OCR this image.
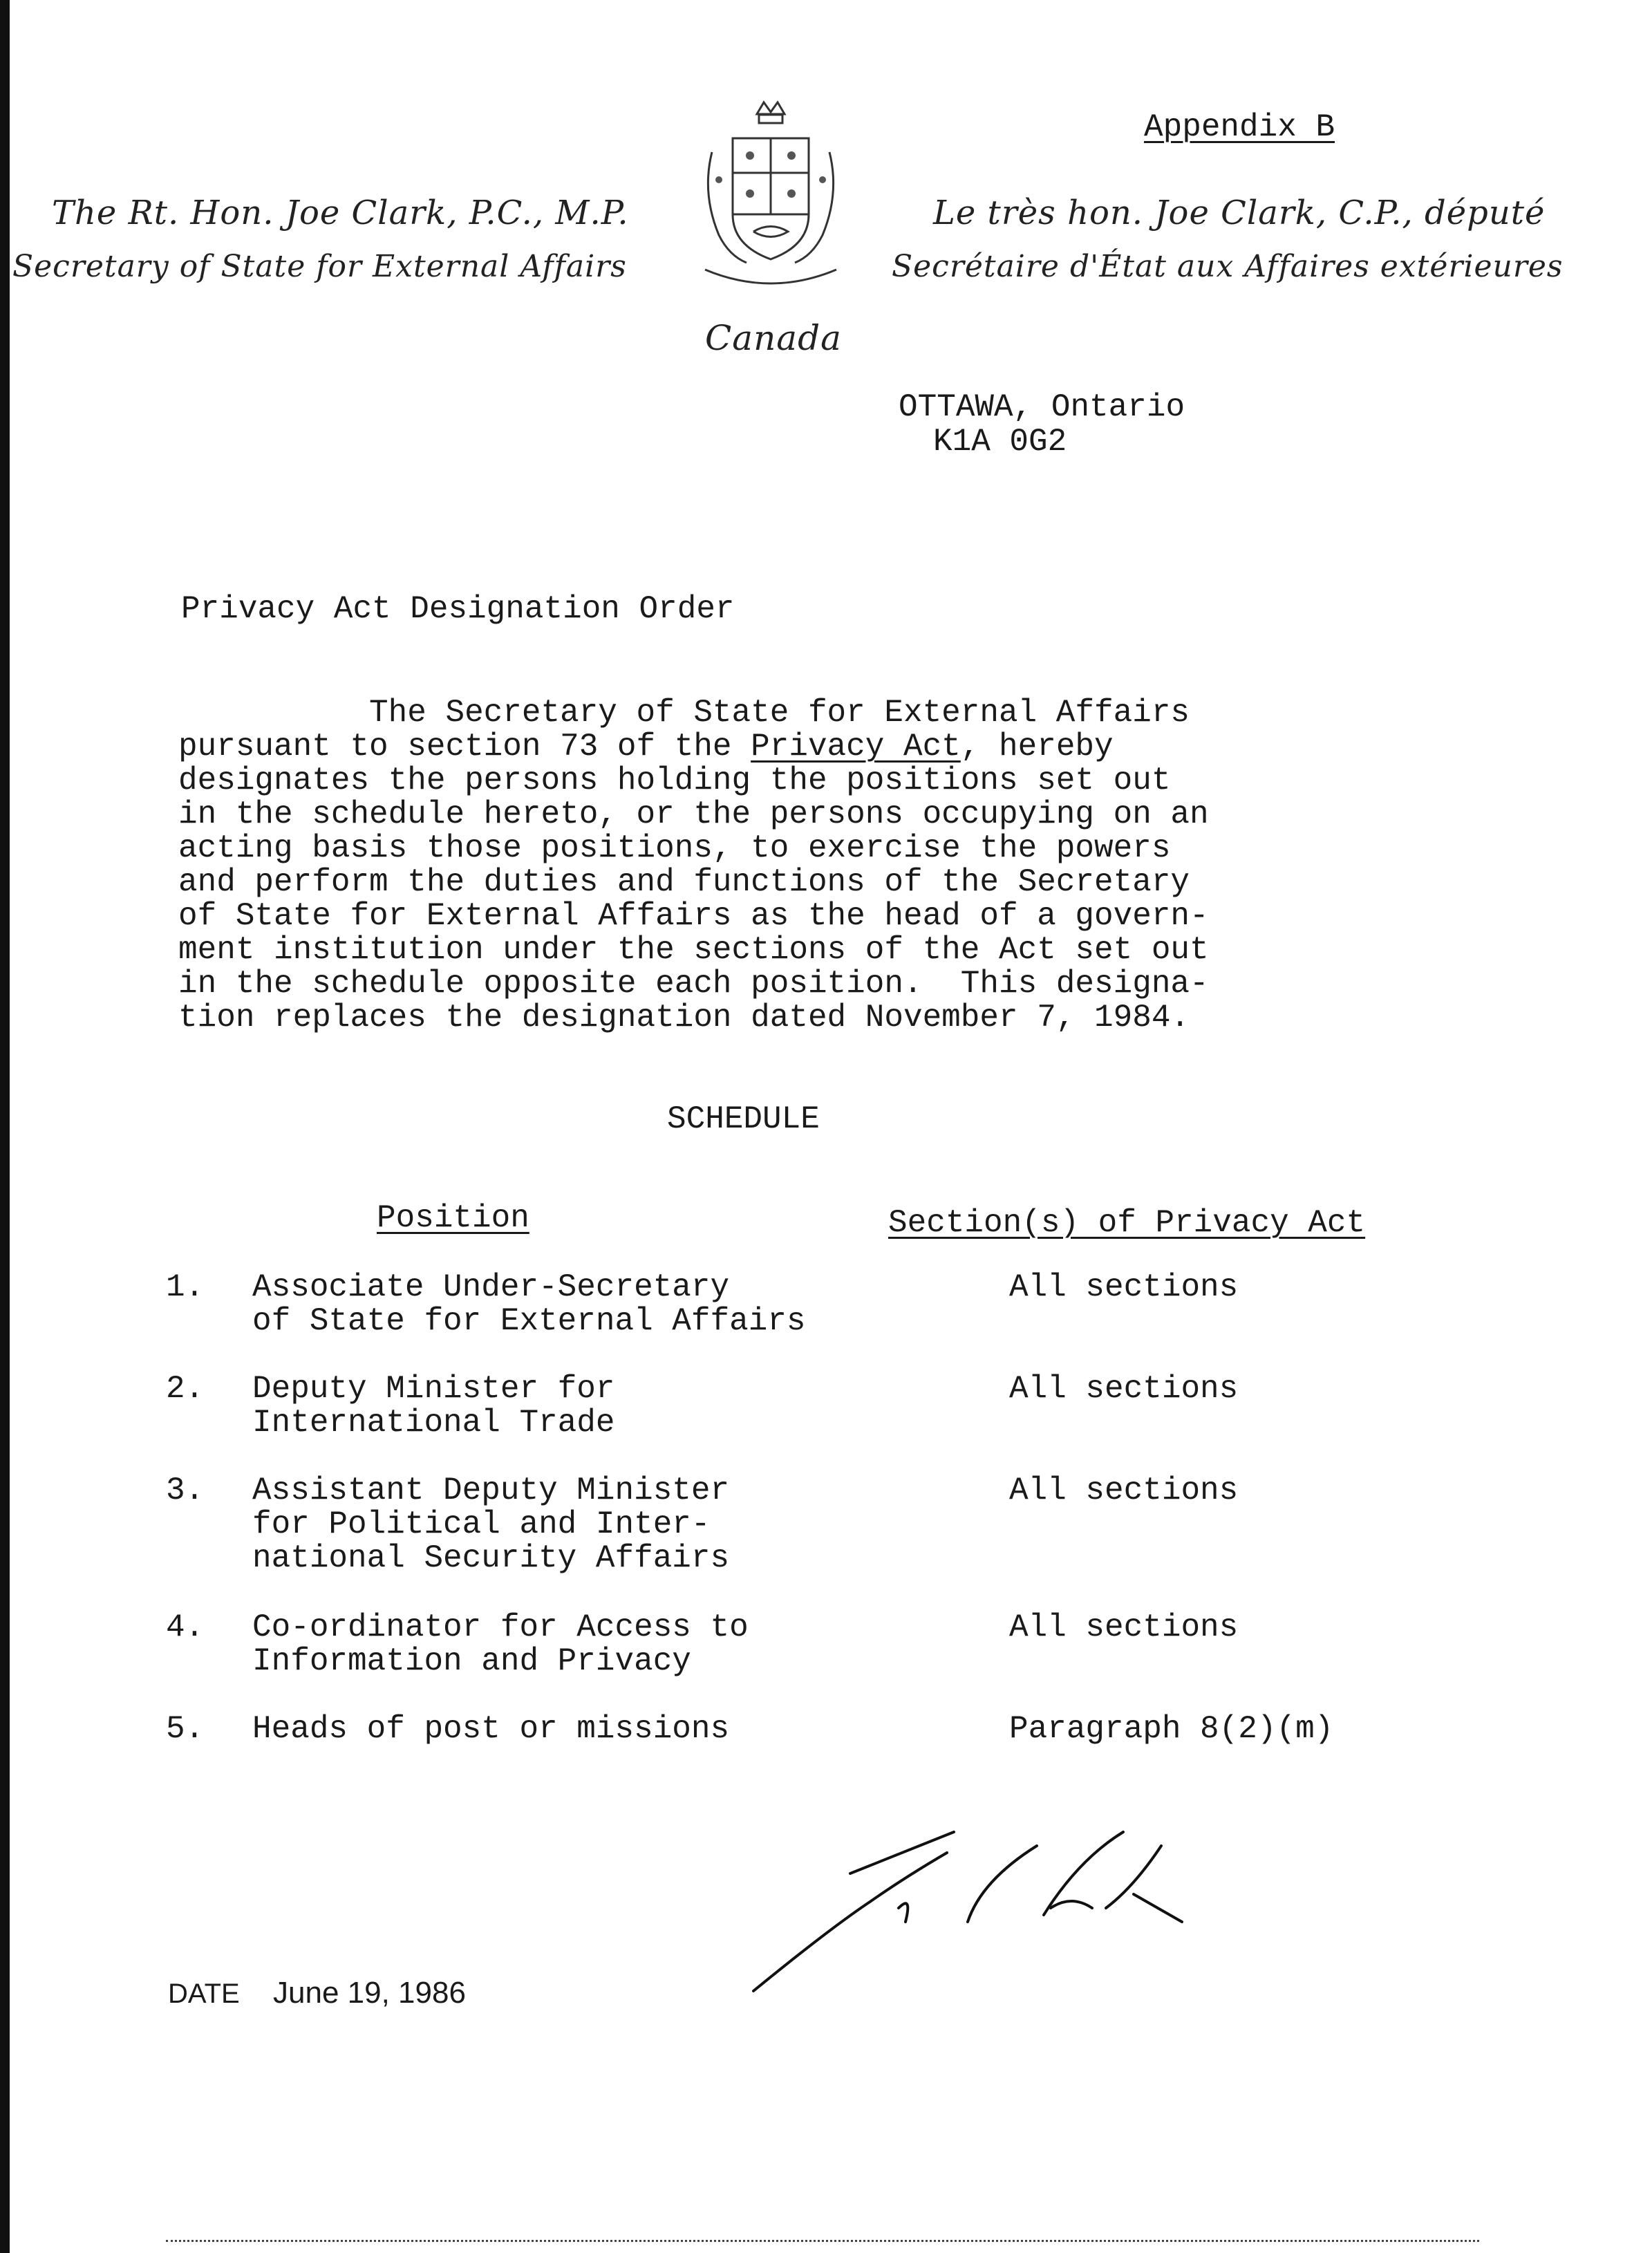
Appendix B
The Rt. Hon. Joe Clark, P.C., M.P.
Secretary of State for External Affairs
Le très hon. Joe Clark, C.P., député
Secrétaire d'État aux Affaires extérieures
Canada
OTTAWA, Ontario
K1A 0G2
Privacy Act Designation Order
The Secretary of State for External Affairs
pursuant to section 73 of the Privacy Act, hereby
designates the persons holding the positions set out
in the schedule hereto, or the persons occupying on an
acting basis those positions, to exercise the powers
and perform the duties and functions of the Secretary
of State for External Affairs as the head of a govern-
ment institution under the sections of the Act set out
in the schedule opposite each position.  This designa-
tion replaces the designation dated November 7, 1984.
SCHEDULE
Position	Section(s) of Privacy Act

1.

Associate Under-Secretary
of State for External Affairs

All sections

2.

Deputy Minister for
International Trade

All sections

3.

Assistant Deputy Minister
for Political and Inter-
national Security Affairs

All sections

4.

Co-ordinator for Access to
Information and Privacy

All sections

5.

Heads of post or missions

	Paragraph 8(2)(m)

DATE June 19, 1986
